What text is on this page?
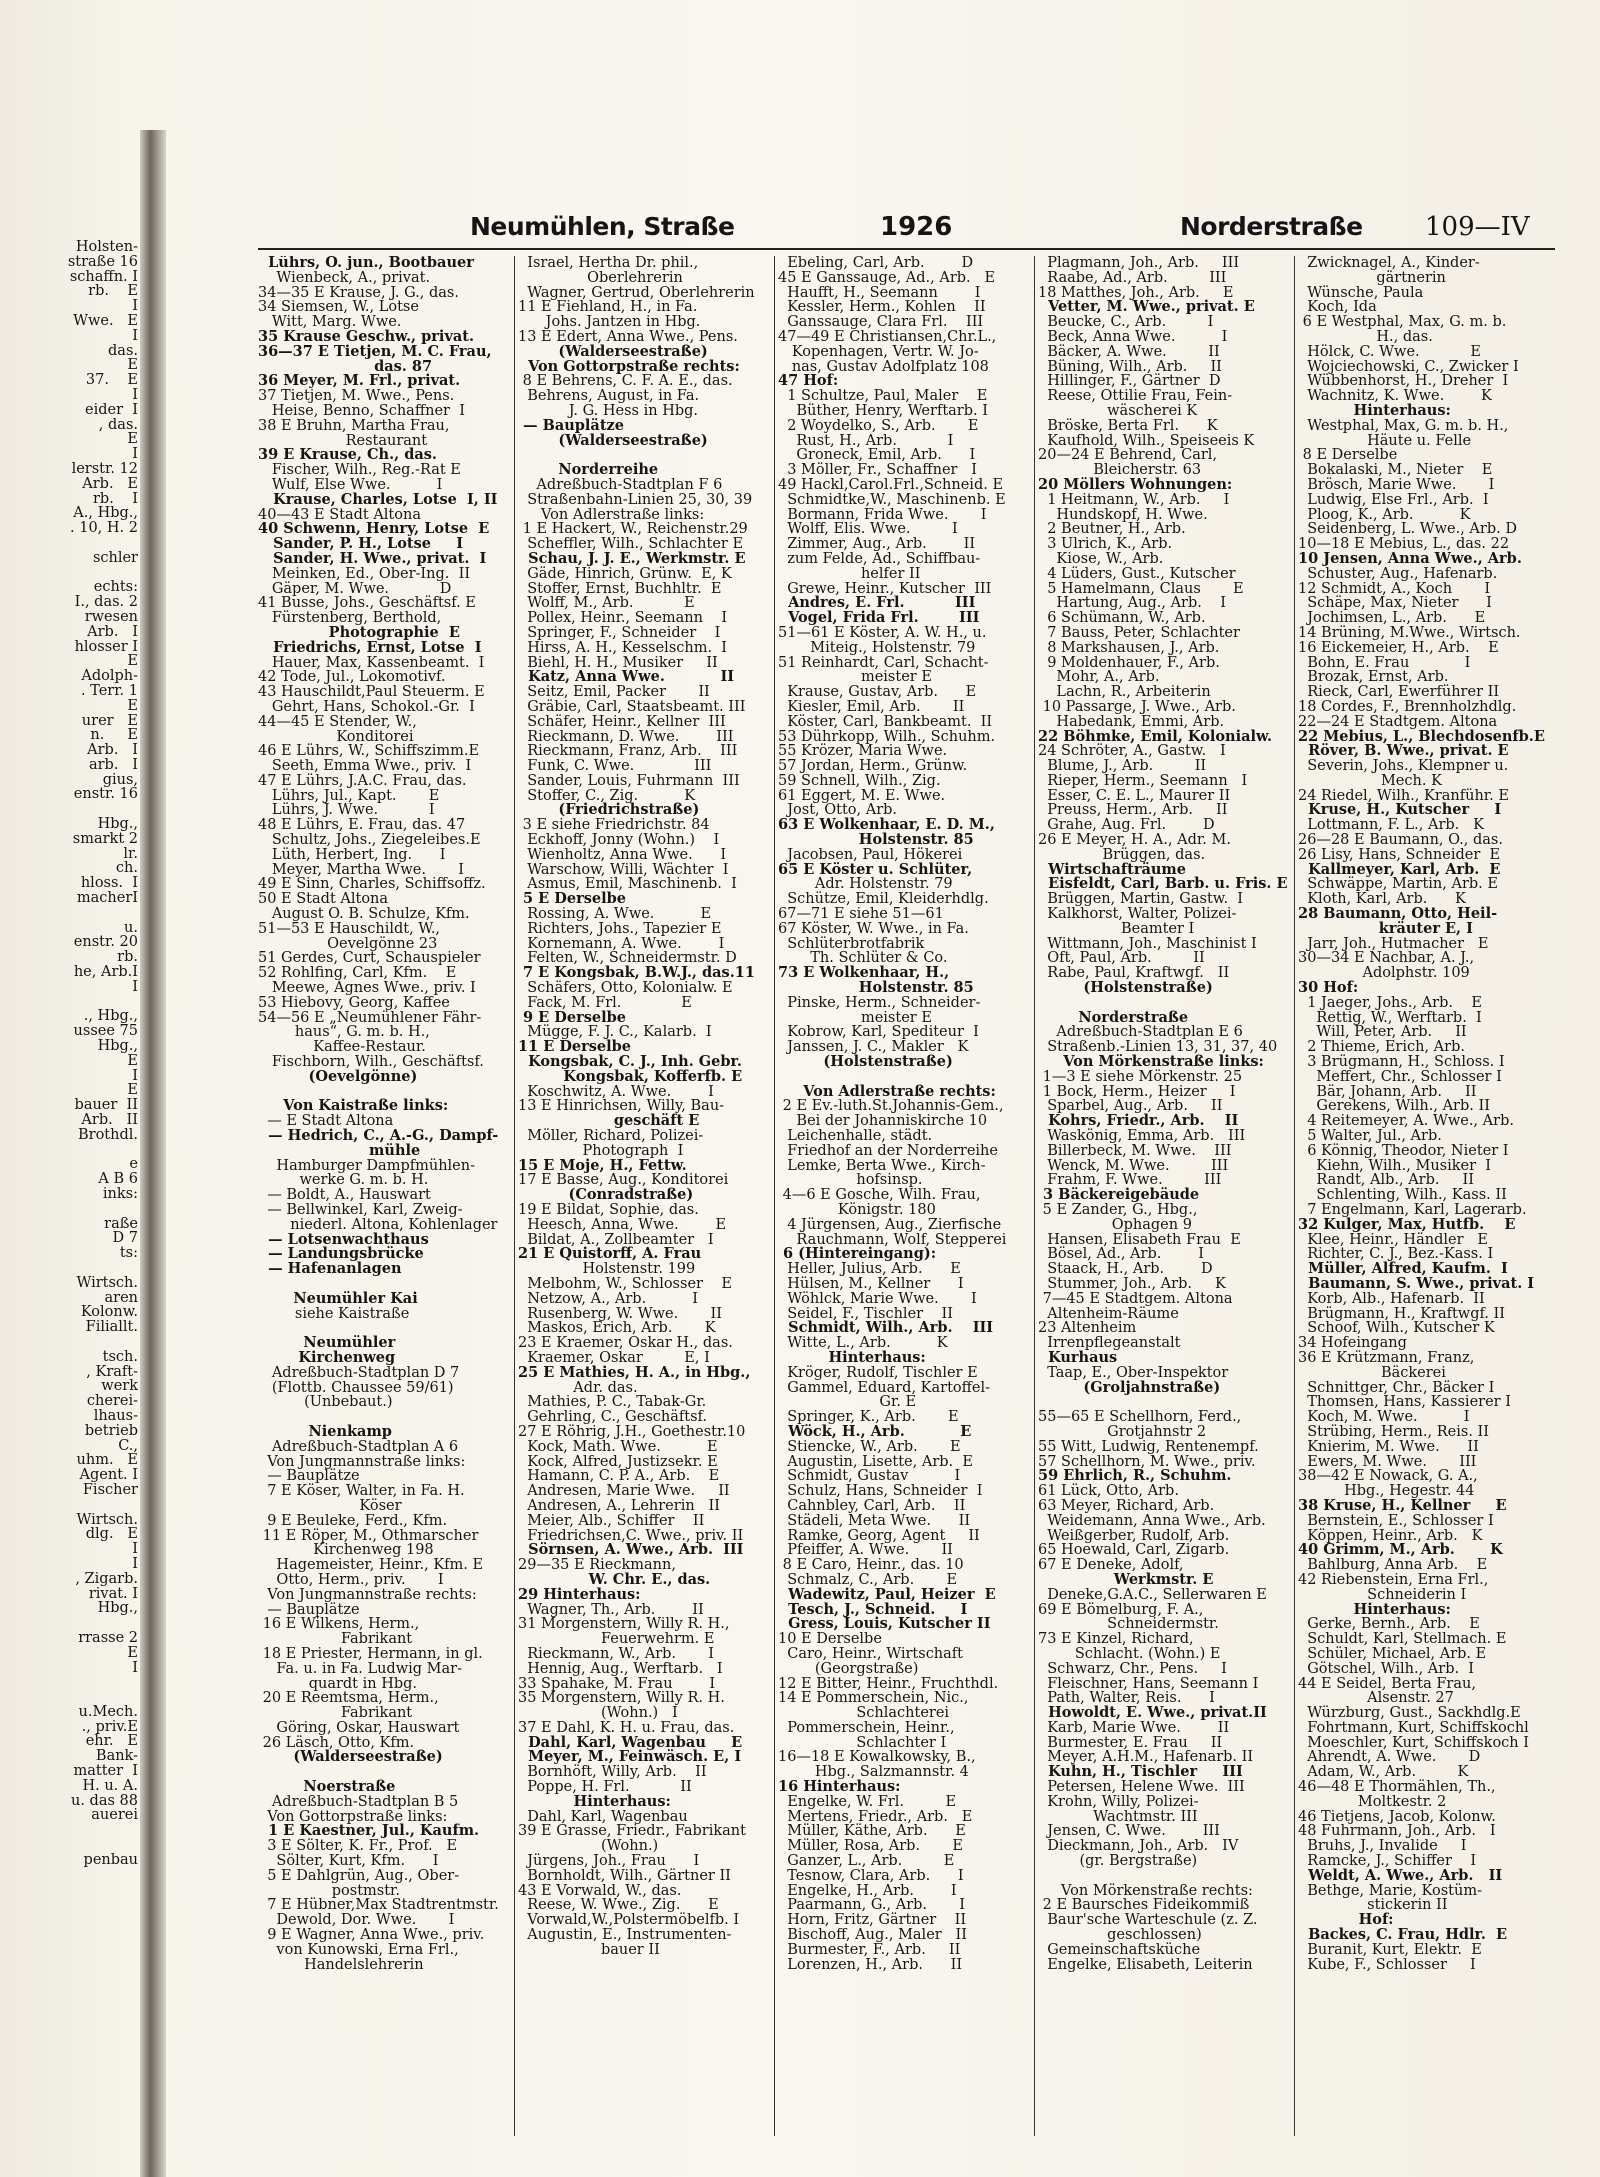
Holsten-
straße 16
schaffn. I
rb.    E
I
Wwe.   E
I
das.
E
37.    E
I
eider  I
, das.
E
I
lerstr. 12
Arb.   E
rb.    I
A., Hbg.,
. 10, H. 2

schler

echts:
I., das. 2
rwesen
Arb.   I
hlosser I
E
Adolph-
. Terr. 1
E
urer   E
n.     E
Arb.   I
arb.   I
gius,
enstr. 16

Hbg.,
smarkt 2
lr.
ch.
hloss.  I
macherI

u.
enstr. 20
rb.
he, Arb.I
I

., Hbg.,
ussee 75
Hbg.,
E
I
E
bauer  II
Arb.   II
Brothdl.

e
A B 6
inks:

raße
D 7
ts:

Wirtsch.
aren
Kolonw.
Filiallt.

tsch.
, Kraft-
werk
cherei-
lhaus-
betrieb
C.,
uhm.   E
Agent. I
Fischer

Wirtsch.
dlg.   E
I
I
, Zigarb.
rivat. I
Hbg.,

rrasse 2
E
I

u.Mech.
., priv.E
ehr.   E
Bank-
matter  I
H. u. A.
u. das 88
auerei

penbau
Neumühlen, Straße	1926	Norderstraße 109—IV
Lührs, O. jun., Bootbauer
Wienbeck, A., privat.
34—35 E Krause, J. G., das.
34 Siemsen, W., Lotse
Witt, Marg. Wwe.
35 Krause Geschw., privat.
36—37 E Tietjen, M. C. Frau,
das. 87
36 Meyer, M. Frl., privat.
37 Tietjen, M. Wwe., Pens.
Heise, Benno, Schaffner  I
38 E Bruhn, Martha Frau,
Restaurant
39 E Krause, Ch., das.
Fischer, Wilh., Reg.-Rat E
Wulf, Else Wwe.          I
Krause, Charles, Lotse  I, II
40—43 E Stadt Altona
40 Schwenn, Henry, Lotse  E
Sander, P. H., Lotse     I
Sander, H. Wwe., privat.  I
Meinken, Ed., Ober-Ing.  II
Gäper, M. Wwe.           D
41 Busse, Johs., Geschäftsf. E
Fürstenberg, Berthold,
Photographie  E
Friedrichs, Ernst, Lotse  I
Hauer, Max, Kassenbeamt.  I
42 Tode, Jul., Lokomotivf.
43 Hauschildt,Paul Steuerm. E
Gehrt, Hans, Schokol.-Gr.  I
44—45 E Stender, W.,
Konditorei
46 E Lührs, W., Schiffszimm.E
Seeth, Emma Wwe., priv.  I
47 E Lührs, J.A.C. Frau, das.
Lührs, Jul., Kapt.       E
Lührs, J. Wwe.           I
48 E Lührs, E. Frau, das. 47
Schultz, Johs., Ziegeleibes.E
Lüth, Herbert, Ing.      I
Meyer, Martha Wwe.       I
49 E Sinn, Charles, Schiffsoffz.
50 E Stadt Altona
August O. B. Schulze, Kfm.
51—53 E Hauschildt, W.,
Oevelgönne 23
51 Gerdes, Curt, Schauspieler
52 Rohlfing, Carl, Kfm.    E
Meewe, Agnes Wwe., priv. I
53 Hiebovy, Georg, Kaffee
54—56 E „Neumühlener Fähr-
haus“, G. m. b. H.,
Kaffee-Restaur.
Fischborn, Wilh., Geschäftsf.
(Oevelgönne)

Von Kaistraße links:
— E Stadt Altona
— Hedrich, C., A.-G., Dampf-
mühle
Hamburger Dampfmühlen-
werke G. m. b. H.
— Boldt, A., Hauswart
— Bellwinkel, Karl, Zweig-
niederl. Altona, Kohlenlager
— Lotsenwachthaus
— Landungsbrücke
— Hafenanlagen

Neumühler Kai
siehe Kaistraße

Neumühler
Kirchenweg
Adreßbuch-Stadtplan D 7
(Flottb. Chaussee 59/61)
(Unbebaut.)

Nienkamp
Adreßbuch-Stadtplan A 6
Von Jungmannstraße links:
— Bauplätze
7 E Köser, Walter, in Fa. H.
Köser
9 E Beuleke, Ferd., Kfm.
11 E Röper, M., Othmarscher
Kirchenweg 198
Hagemeister, Heinr., Kfm. E
Otto, Herm., priv.       I
Von Jungmannstraße rechts:
— Bauplätze
16 E Wilkens, Herm.,
Fabrikant
18 E Priester, Hermann, in gl.
Fa. u. in Fa. Ludwig Mar-
quardt in Hbg.
20 E Reemtsma, Herm.,
Fabrikant
Göring, Oskar, Hauswart
26 Läsch, Otto, Kfm.
(Walderseestraße)

Noerstraße
Adreßbuch-Stadtplan B 5
Von Gottorpstraße links:
1 E Kaestner, Jul., Kaufm.
3 E Sölter, K. Fr., Prof.   E
Sölter, Kurt, Kfm.      I
5 E Dahlgrün, Aug., Ober-
postmstr.
7 E Hübner,Max Stadtrentmstr.
Dewold, Dor. Wwe.       I
9 E Wagner, Anna Wwe., priv.
von Kunowski, Erna Frl.,
Handelslehrerin
Israel, Hertha Dr. phil.,
Oberlehrerin
Wagner, Gertrud, Oberlehrerin
11 E Fiehland, H., in Fa.
Johs. Jantzen in Hbg.
13 E Edert, Anna Wwe., Pens.
(Walderseestraße)
Von Gottorpstraße rechts:
8 E Behrens, C. F. A. E., das.
Behrens, August, in Fa.
J. G. Hess in Hbg.
— Bauplätze
(Walderseestraße)

Norderreihe
Adreßbuch-Stadtplan F 6
Straßenbahn-Linien 25, 30, 39
Von Adlerstraße links:
1 E Hackert, W., Reichenstr.29
Scheffler, Wilh., Schlachter E
Schau, J. J. E., Werkmstr. E
Gäde, Hinrich, Grünw.  E, K
Stoffer, Ernst, Buchhltr.  E
Wolff, M., Arb.           E
Pollex, Heinr., Seemann    I
Springer, F., Schneider    I
Hirss, A. H., Kesselschm.  I
Biehl, H. H., Musiker     II
Katz, Anna Wwe.           II
Seitz, Emil, Packer       II
Gräbie, Carl, Staatsbeamt. III
Schäfer, Heinr., Kellner  III
Rieckmann, D. Wwe.        III
Rieckmann, Franz, Arb.    III
Funk, C. Wwe.             III
Sander, Louis, Fuhrmann  III
Stoffer, C., Zig.          K
(Friedrichstraße)
3 E siehe Friedrichstr. 84
Eckhoff, Jonny (Wohn.)    I
Wienholtz, Anna Wwe.      I
Warschow, Willi, Wächter  I
Asmus, Emil, Maschinenb.  I
5 E Derselbe
Rossing, A. Wwe.          E
Richters, Johs., Tapezier E
Kornemann, A. Wwe.        I
Felten, W., Schneidermstr. D
7 E Kongsbak, B.W.J., das.11
Schäfers, Otto, Kolonialw. E
Fack, M. Frl.             E
9 E Derselbe
Mügge, F. J. C., Kalarb.  I
11 E Derselbe
Kongsbak, C. J., Inh. Gebr.
Kongsbak, Kofferfb. E
Koschwitz, A. Wwe.        I
13 E Hinrichsen, Willy, Bau-
geschäft E
Möller, Richard, Polizei-
Photograph  I
15 E Moje, H., Fettw.
17 E Basse, Aug., Konditorei
(Conradstraße)
19 E Bildat, Sophie, das.
Heesch, Anna, Wwe.        E
Bildat, A., Zollbeamter   I
21 E Quistorff, A. Frau
Holstenstr. 199
Melbohm, W., Schlosser    E
Netzow, A., Arb.          I
Rusenberg, W. Wwe.       II
Maskos, Erich, Arb.       K
23 E Kraemer, Oskar H., das.
Kraemer, Oskar         E, I
25 E Mathies, H. A., in Hbg.,
Adr. das.
Mathies, P. C., Tabak-Gr.
Gehrling, C., Geschäftsf.
27 E Röhrig, J.H., Goethestr.10
Kock, Math. Wwe.          E
Kock, Alfred, Justizsekr. E
Hamann, C. P. A., Arb.    E
Andresen, Marie Wwe.     II
Andresen, A., Lehrerin   II
Meier, Alb., Schiffer    II
Friedrichsen,C. Wwe., priv. II
Sörnsen, A. Wwe., Arb.  III
29—35 E Rieckmann,
W. Chr. E., das.
29 Hinterhaus:
Wagner, Th., Arb.        II
31 Morgenstern, Willy R. H.,
Feuerwehrm. E
Rieckmann, W., Arb.       I
Hennig, Aug., Werftarb.   I
33 Spahake, M. Frau        I
35 Morgenstern, Willy R. H.
(Wohn.)   I
37 E Dahl, K. H. u. Frau, das.
Dahl, Karl, Wagenbau     E
Meyer, M., Feinwäsch. E, I
Bornhöft, Willy, Arb.    II
Poppe, H. Frl.           II
Hinterhaus:
Dahl, Karl, Wagenbau
39 E Grasse, Friedr., Fabrikant
(Wohn.)
Jürgens, Joh., Frau      I
Bornholdt, Wilh., Gärtner II
43 E Vorwald, W., das.
Reese, W. Wwe., Zig.      E
Vorwald,W.,Polstermöbelfb. I
Augustin, E., Instrumenten-
bauer II
Ebeling, Carl, Arb.        D
45 E Ganssauge, Ad., Arb.   E
Haufft, H., Seemann        I
Kessler, Herm., Kohlen    II
Ganssauge, Clara Frl.    III
47—49 E Christiansen,Chr.L.,
Kopenhagen, Vertr. W. Jo-
nas, Gustav Adolfplatz 108
47 Hof:
1 Schultze, Paul, Maler    E
Büther, Henry, Werftarb. I
2 Woydelko, S., Arb.       E
Rust, H., Arb.           I
Groneck, Emil, Arb.      I
3 Möller, Fr., Schaffner   I
49 Hackl,Carol.Frl.,Schneid. E
Schmidtke,W., Maschinenb. E
Bormann, Frida Wwe.       I
Wolff, Elis. Wwe.         I
Zimmer, Aug., Arb.        II
zum Felde, Ad., Schiffbau-
helfer II
Grewe, Heinr., Kutscher  III
Andres, E. Frl.          III
Vogel, Frida Frl.        III
51—61 E Köster, A. W. H., u.
Miteig., Holstenstr. 79
51 Reinhardt, Carl, Schacht-
meister E
Krause, Gustav, Arb.      E
Kiesler, Emil, Arb.       II
Köster, Carl, Bankbeamt.  II
53 Dührkopp, Wilh., Schuhm.
55 Krözer, Maria Wwe.
57 Jordan, Herm., Grünw.
59 Schnell, Wilh., Zig.
61 Eggert, M. E. Wwe.
Jost, Otto, Arb.
63 E Wolkenhaar, E. D. M.,
Holstenstr. 85
Jacobsen, Paul, Hökerei
65 E Köster u. Schlüter,
Adr. Holstenstr. 79
Schütze, Emil, Kleiderhdlg.
67—71 E siehe 51—61
67 Köster, W. Wwe., in Fa.
Schlüterbrotfabrik
Th. Schlüter & Co.
73 E Wolkenhaar, H.,
Holstenstr. 85
Pinske, Herm., Schneider-
meister E
Kobrow, Karl, Spediteur  I
Janssen, J. C., Makler   K
(Holstenstraße)

Von Adlerstraße rechts:
2 E Ev.-luth.St.Johannis-Gem.,
Bei der Johanniskirche 10
Leichenhalle, städt.
Friedhof an der Norderreihe
Lemke, Berta Wwe., Kirch-
hofsinsp.
4—6 E Gosche, Wilh. Frau,
Königstr. 180
4 Jürgensen, Aug., Zierfische
Rauchmann, Wolf, Stepperei
6 (Hintereingang):
Heller, Julius, Arb.      E
Hülsen, M., Kellner      I
Wöhlck, Marie Wwe.       I
Seidel, F., Tischler    II
Schmidt, Wilh., Arb.    III
Witte, L., Arb.          K
Hinterhaus:
Kröger, Rudolf, Tischler E
Gammel, Eduard, Kartoffel-
Gr. E
Springer, K., Arb.       E
Wöck, H., Arb.           E
Stiencke, W., Arb.       E
Augustin, Lisette, Arb.  E
Schmidt, Gustav          I
Schulz, Hans, Schneider  I
Cahnbley, Carl, Arb.    II
Städeli, Meta Wwe.      II
Ramke, Georg, Agent     II
Pfeiffer, A. Wwe.       II
8 E Caro, Heinr., das. 10
Schmalz, C., Arb.       E
Wadewitz, Paul, Heizer  E
Tesch, J., Schneid.     I
Gress, Louis, Kutscher II
10 E Derselbe
Caro, Heinr., Wirtschaft
(Georgstraße)
12 E Bitter, Heinr., Fruchthdl.
14 E Pommerschein, Nic.,
Schlachterei
Pommerschein, Heinr.,
Schlachter I
16—18 E Kowalkowsky, B.,
Hbg., Salzmannstr. 4
16 Hinterhaus:
Engelke, W. Frl.         E
Mertens, Friedr., Arb.   E
Müller, Käthe, Arb.      E
Müller, Rosa, Arb.       E
Ganzer, L., Arb.         E
Tesnow, Clara, Arb.      I
Engelke, H., Arb.        I
Paarmann, G., Arb.       I
Horn, Fritz, Gärtner    II
Bischoff, Aug., Maler   II
Burmester, F., Arb.     II
Lorenzen, H., Arb.      II
Plagmann, Joh., Arb.     III
Raabe, Ad., Arb.         III
18 Matthes, Joh., Arb.     E
Vetter, M. Wwe., privat. E
Beucke, C., Arb.         I
Beck, Anna Wwe.          I
Bäcker, A. Wwe.         II
Büning, Wilh., Arb.     II
Hillinger, F., Gärtner  D
Reese, Ottilie Frau, Fein-
wäscherei K
Bröske, Berta Frl.      K
Kaufhold, Wilh., Speiseeis K
20—24 E Behrend, Carl,
Bleicherstr. 63
20 Möllers Wohnungen:
1 Heitmann, W., Arb.     I
Hundskopf, H. Wwe.
2 Beutner, H., Arb.
3 Ulrich, K., Arb.
Kiose, W., Arb.
4 Lüders, Gust., Kutscher
5 Hamelmann, Claus       E
Hartung, Aug., Arb.    I
6 Schümann, W., Arb.
7 Bauss, Peter, Schlachter
8 Markshausen, J., Arb.
9 Moldenhauer, F., Arb.
Mohr, A., Arb.
Lachn, R., Arbeiterin
10 Passarge, J. Wwe., Arb.
Habedank, Emmi, Arb.
22 Böhmke, Emil, Kolonialw.
24 Schröter, A., Gastw.   I
Blume, J., Arb.         II
Rieper, Herm., Seemann   I
Esser, C. E. L., Maurer II
Preuss, Herm., Arb.     II
Grahe, Aug. Frl.        D
26 E Meyer, H. A., Adr. M.
Brüggen, das.
Wirtschafträume
Eisfeldt, Carl, Barb. u. Fris. E
Brüggen, Martin, Gastw.  I
Kalkhorst, Walter, Polizei-
Beamter I
Wittmann, Joh., Maschinist I
Oft, Paul, Arb.         II
Rabe, Paul, Kraftwgf.   II
(Holstenstraße)

Norderstraße
Adreßbuch-Stadtplan E 6
Straßenb.-Linien 13, 31, 37, 40
Von Mörkenstraße links:
1—3 E siehe Mörkenstr. 25
1 Bock, Herm., Heizer     I
Sparbel, Aug., Arb.     II
Kohrs, Friedr., Arb.    II
Waskönig, Emma, Arb.   III
Billerbeck, M. Wwe.    III
Wenck, M. Wwe.         III
Frahm, F. Wwe.         III
3 Bäckereigebäude
5 E Zander, G., Hbg.,
Ophagen 9
Hansen, Elisabeth Frau  E
Bösel, Ad., Arb.        I
Staack, H., Arb.        D
Stummer, Joh., Arb.     K
7—45 E Stadtgem. Altona
Altenheim-Räume
23 Altenheim
Irrenpflegeanstalt
Kurhaus
Taap, E., Ober-Inspektor
(Groljahnstraße)

55—65 E Schellhorn, Ferd.,
Grotjahnstr 2
55 Witt, Ludwig, Rentenempf.
57 Schellhorn, M. Wwe., priv.
59 Ehrlich, R., Schuhm.
61 Lück, Otto, Arb.
63 Meyer, Richard, Arb.
Weidemann, Anna Wwe., Arb.
Weißgerber, Rudolf, Arb.
65 Hoewald, Carl, Zigarb.
67 E Deneke, Adolf,
Werkmstr. E
Deneke,G.A.C., Sellerwaren E
69 E Bömelburg, F. A.,
Schneidermstr.
73 E Kinzel, Richard,
Schlacht. (Wohn.) E
Schwarz, Chr., Pens.     I
Fleischner, Hans, Seemann I
Path, Walter, Reis.      I
Howoldt, E. Wwe., privat.II
Karb, Marie Wwe.        II
Burmester, E. Frau     II
Meyer, A.H.M., Hafenarb. II
Kuhn, H., Tischler     III
Petersen, Helene Wwe.  III
Krohn, Willy, Polizei-
Wachtmstr. III
Jensen, C. Wwe.        III
Dieckmann, Joh., Arb.   IV
(gr. Bergstraße)

Von Mörkenstraße rechts:
2 E Baursches Fideikommiß
Baur'sche Warteschule (z. Z.
geschlossen)
Gemeinschaftsküche
Engelke, Elisabeth, Leiterin
Zwicknagel, A., Kinder-
gärtnerin
Wünsche, Paula
Koch, Ida
6 E Westphal, Max, G. m. b.
H., das.
Hölck, C. Wwe.           E
Wojciechowski, C., Zwicker I
Wübbenhorst, H., Dreher  I
Wachnitz, K. Wwe.        K
Hinterhaus:
Westphal, Max, G. m. b. H.,
Häute u. Felle
8 E Derselbe
Bokalaski, M., Nieter    E
Brösch, Marie Wwe.       I
Ludwig, Else Frl., Arb.  I
Ploog, K., Arb.          K
Seidenberg, L. Wwe., Arb. D
10—18 E Mebius, L., das. 22
10 Jensen, Anna Wwe., Arb.
Schuster, Aug., Hafenarb.
12 Schmidt, A., Koch       I
Schäpe, Max, Nieter      I
Jochimsen, L., Arb.      E
14 Brüning, M.Wwe., Wirtsch.
16 Eickemeier, H., Arb.    E
Bohn, E. Frau            I
Brozak, Ernst, Arb.
Rieck, Carl, Ewerführer II
18 Cordes, F., Brennholzhdlg.
22—24 E Stadtgem. Altona
22 Mebius, L., Blechdosenfb.E
Röver, B. Wwe., privat. E
Severin, Johs., Klempner u.
Mech. K
24 Riedel, Wilh., Kranführ. E
Kruse, H., Kutscher     I
Lottmann, F. L., Arb.   K
26—28 E Baumann, O., das.
26 Lisy, Hans, Schneider  E
Kallmeyer, Karl, Arb.  E
Schwäppe, Martin, Arb. E
Kloth, Karl, Arb.      K
28 Baumann, Otto, Heil-
kräuter E, I
Jarr, Joh., Hutmacher   E
30—34 E Nachbar, A. J.,
Adolphstr. 109
30 Hof:
1 Jaeger, Johs., Arb.    E
Rettig, W., Werftarb.  I
Will, Peter, Arb.     II
2 Thieme, Erich, Arb.
3 Brügmann, H., Schloss. I
Meffert, Chr., Schlosser I
Bär, Johann, Arb.     II
Gerekens, Wilh., Arb. II
4 Reitemeyer, A. Wwe., Arb.
5 Walter, Jul., Arb.
6 Könnig, Theodor, Nieter I
Kiehn, Wilh., Musiker  I
Randt, Alb., Arb.     II
Schlenting, Wilh., Kass. II
7 Engelmann, Karl, Lagerarb.
32 Kulger, Max, Hutfb.    E
Klee, Heinr., Händler   E
Richter, C. J., Bez.-Kass. I
Müller, Alfred, Kaufm.  I
Baumann, S. Wwe., privat. I
Korb, Alb., Hafenarb.  II
Brügmann, H., Kraftwgf. II
Schoof, Wilh., Kutscher K
34 Hofeingang
36 E Krützmann, Franz,
Bäckerei
Schnittger, Chr., Bäcker I
Thomsen, Hans, Kassierer I
Koch, M. Wwe.          I
Strübing, Herm., Reis. II
Knierim, M. Wwe.      II
Ewers, M. Wwe.       III
38—42 E Nowack, G. A.,
Hbg., Hegestr. 44
38 Kruse, H., Kellner     E
Bernstein, E., Schlosser I
Köppen, Heinr., Arb.   K
40 Grimm, M., Arb.       K
Bahlburg, Anna Arb.    E
42 Riebenstein, Erna Frl.,
Schneiderin I
Hinterhaus:
Gerke, Bernh., Arb.    E
Schuldt, Karl, Stellmach. E
Schüler, Michael, Arb. E
Götschel, Wilh., Arb.  I
44 E Seidel, Berta Frau,
Alsenstr. 27
Würzburg, Gust., Sackhdlg.E
Fohrtmann, Kurt, Schiffskochl
Moeschler, Kurt, Schiffskoch I
Ahrendt, A. Wwe.       D
Adam, W., Arb.         K
46—48 E Thormählen, Th.,
Moltkestr. 2
46 Tietjens, Jacob, Kolonw.
48 Fuhrmann, Joh., Arb.   I
Bruhs, J., Invalide     I
Ramcke, J., Schiffer    I
Weldt, A. Wwe., Arb.   II
Bethge, Marie, Kostüm-
stickerin II
Hof:
Backes, C. Frau, Hdlr.  E
Buranit, Kurt, Elektr.  E
Kube, F., Schlosser     I
